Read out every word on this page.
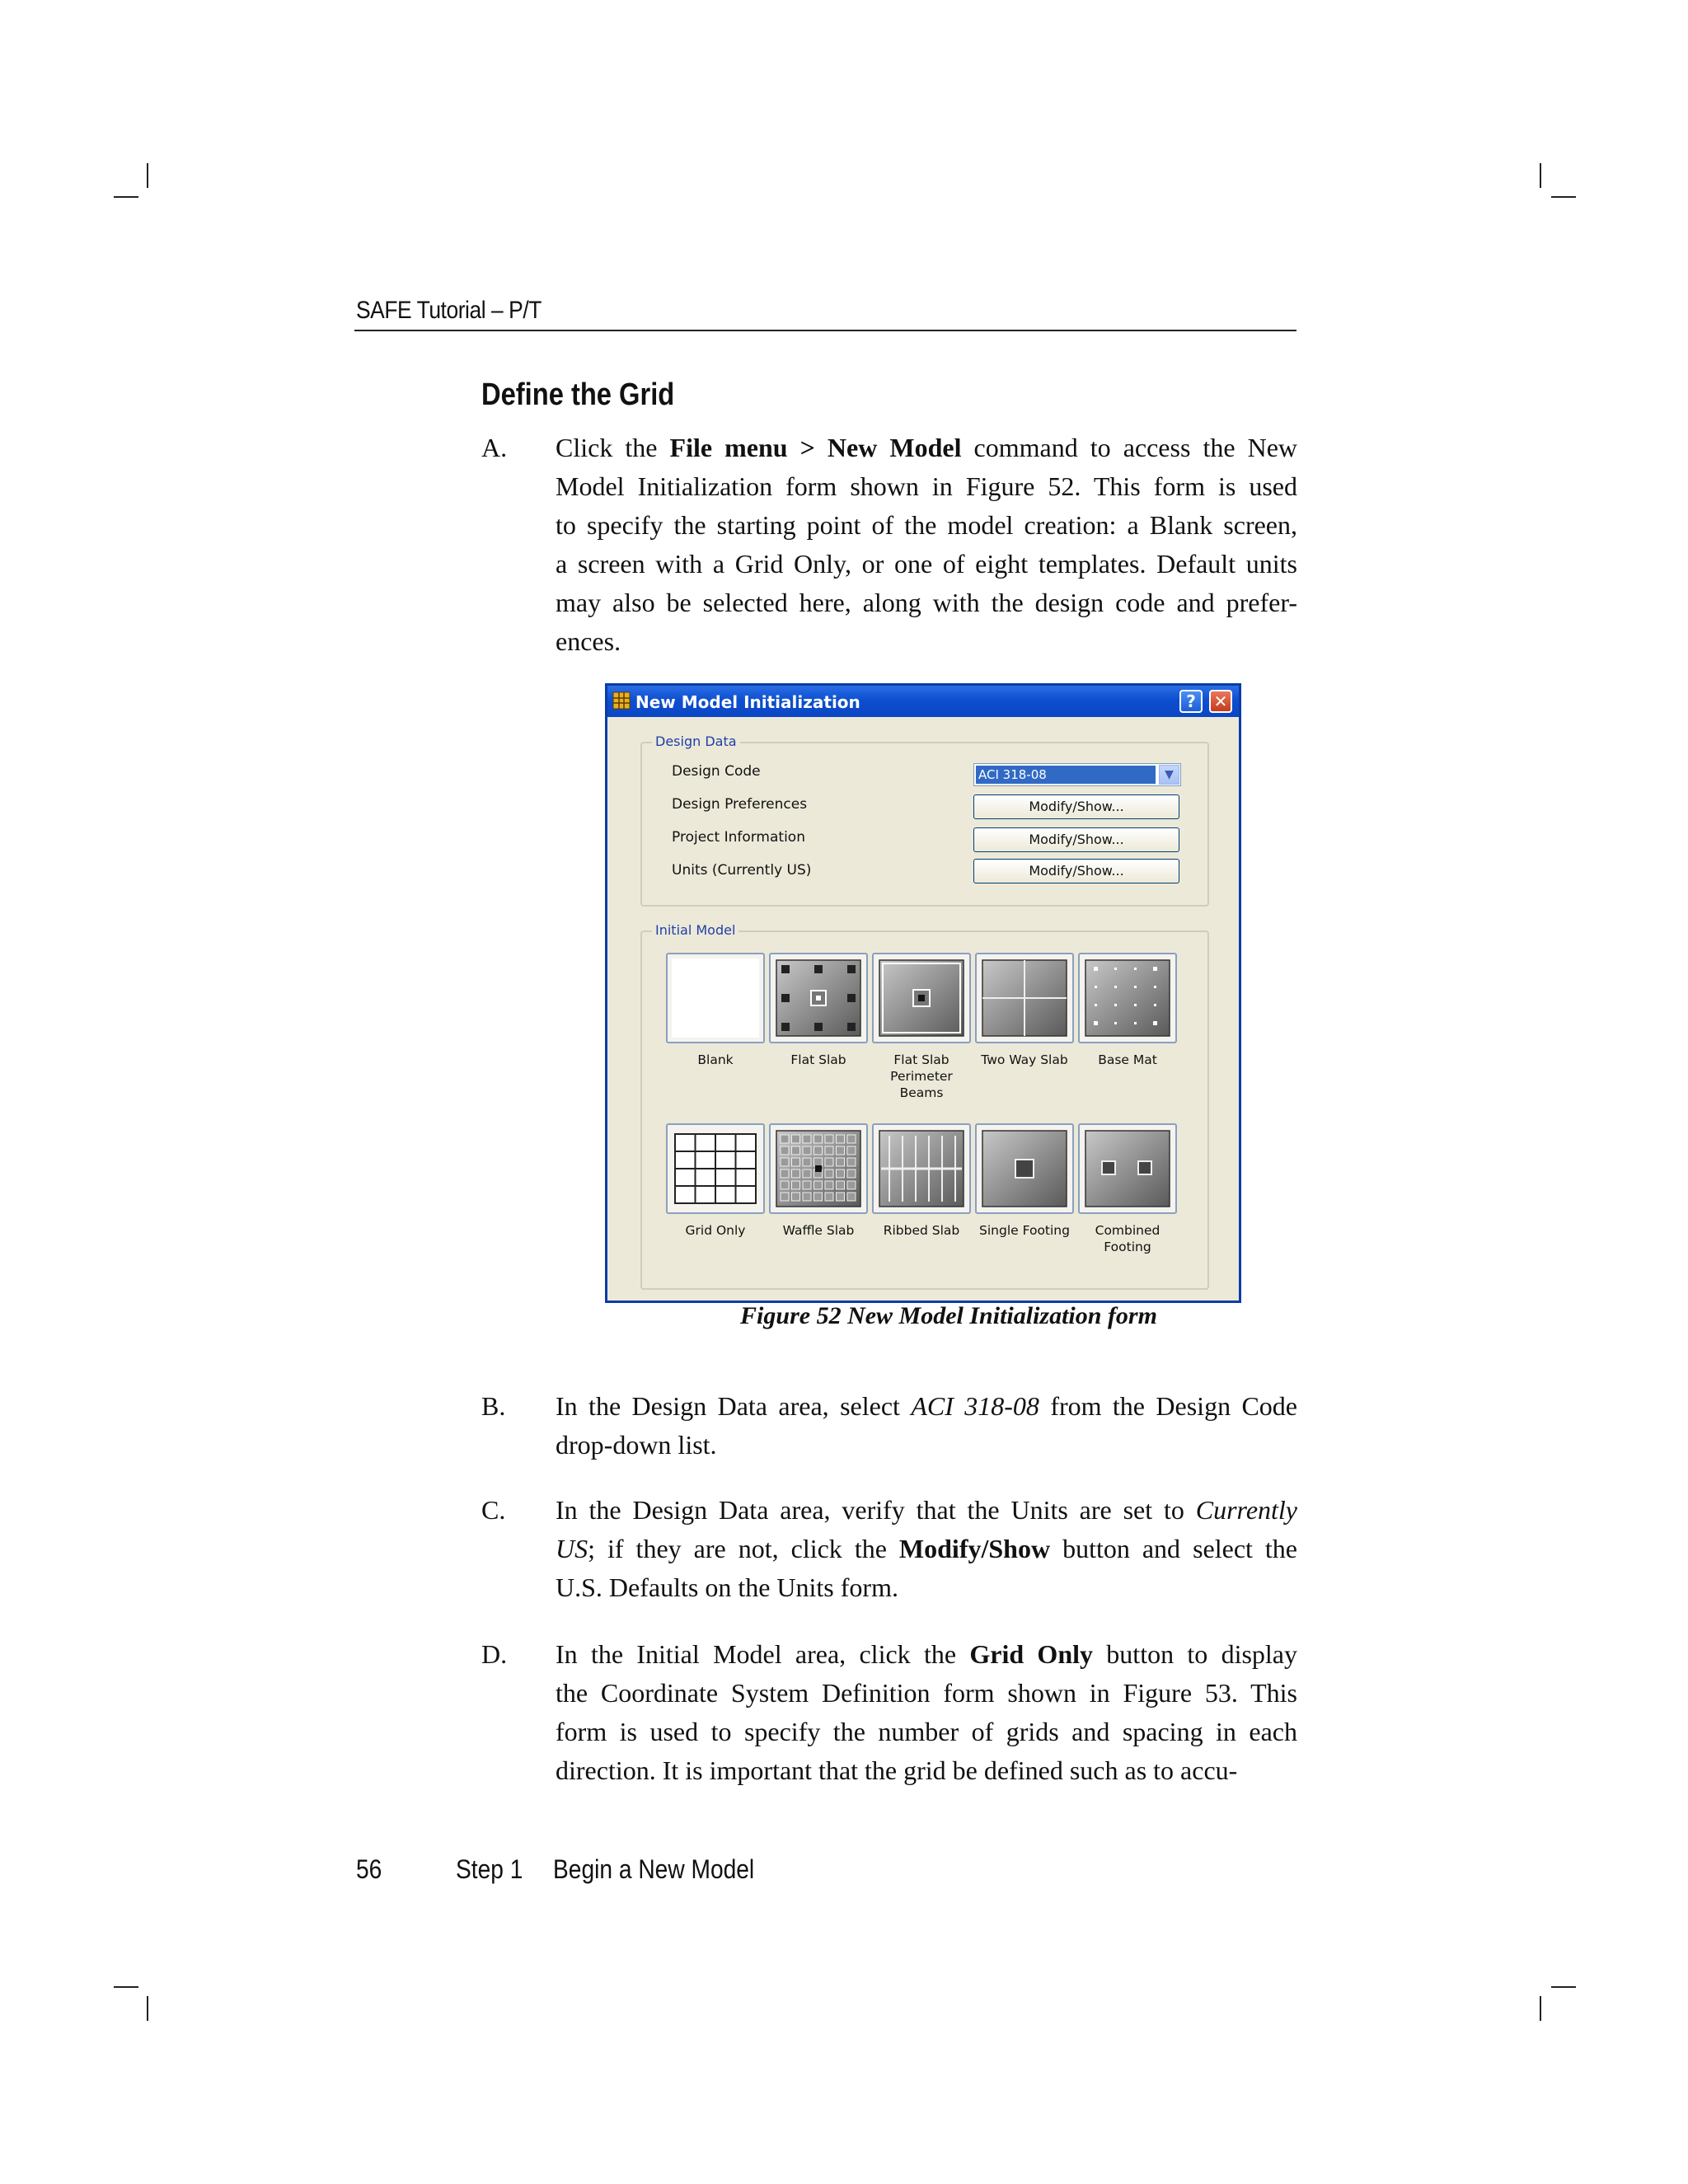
SAFE Tutorial – P/T
Define the Grid
A. Click the File menu > New Model command to access the New
Model Initialization form shown in Figure 52. This form is used
to specify the starting point of the model creation: a Blank screen,
a screen with a Grid Only, or one of eight templates. Default units
may also be selected here, along with the design code and prefer-
ences.
New Model Initialization	?	✕
Design Data
Design Code	ACI 318-08	▼
Design Preferences	Modify/Show...
Project Information	Modify/Show...
Units (Currently US)	Modify/Show...
Initial Model
Blank	Flat Slab	Flat Slab
Perimeter
Beams
Two Way Slab	Base Mat
Grid Only	Waffle Slab	Ribbed Slab	Single Footing	Combined
Footing
Figure 52 New Model Initialization form
B. In the Design Data area, select ACI 318-08 from the Design Code
drop-down list.
C. In the Design Data area, verify that the Units are set to Currently
US; if they are not, click the Modify/Show button and select the
U.S. Defaults on the Units form.
D. In the Initial Model area, click the Grid Only button to display
the Coordinate System Definition form shown in Figure 53. This
form is used to specify the number of grids and spacing in each
direction. It is important that the grid be defined such as to accu-
56	Step 1 Begin a New Model
